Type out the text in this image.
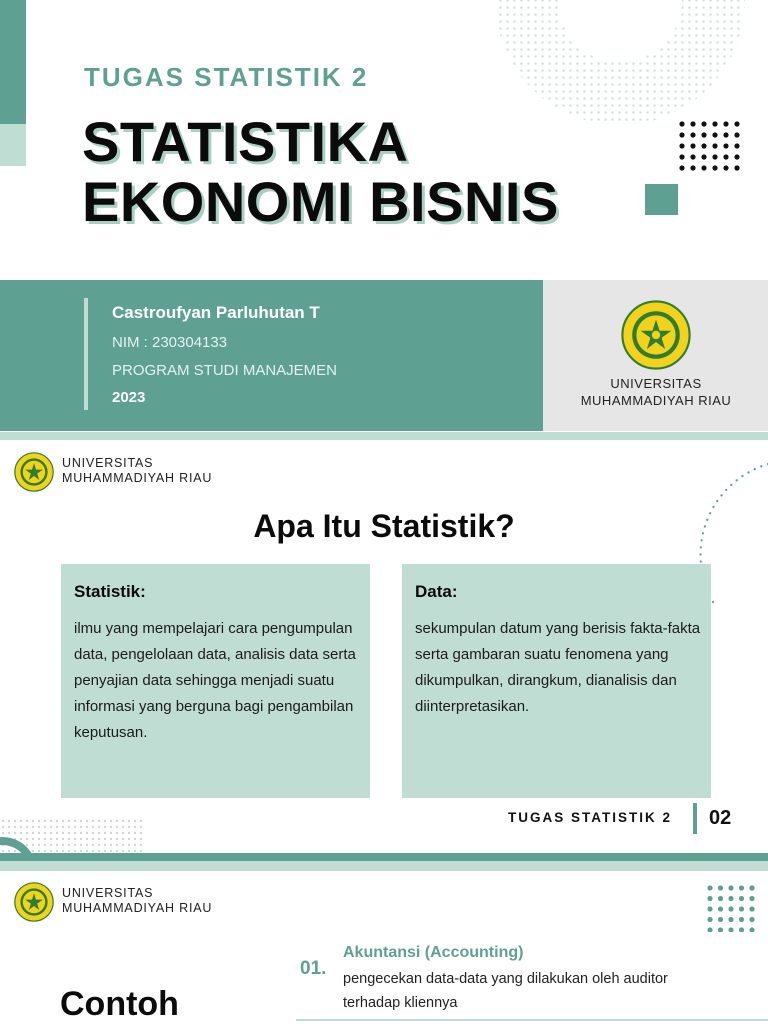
TUGAS STATISTIK 2
STATISTIKA
EKONOMI BISNIS
Castroufyan Parluhutan T
NIM : 230304133
PROGRAM STUDI MANAJEMEN
2023
UNIVERSITAS
MUHAMMADIYAH RIAU
UNIVERSITAS
MUHAMMADIYAH RIAU
Apa Itu Statistik?
Statistik:
ilmu yang mempelajari cara pengumpulan data, pengelolaan data, analisis data serta penyajian data sehingga menjadi suatu informasi yang berguna bagi pengambilan keputusan.
Data:
sekumpulan datum yang berisis fakta-fakta serta gambaran suatu fenomena yang dikumpulkan, dirangkum, dianalisis dan diinterpretasikan.
TUGAS STATISTIK 2 02
UNIVERSITAS
MUHAMMADIYAH RIAU
Contoh
01.
Akuntansi (Accounting)
pengecekan data-data yang dilakukan oleh auditor terhadap kliennya
